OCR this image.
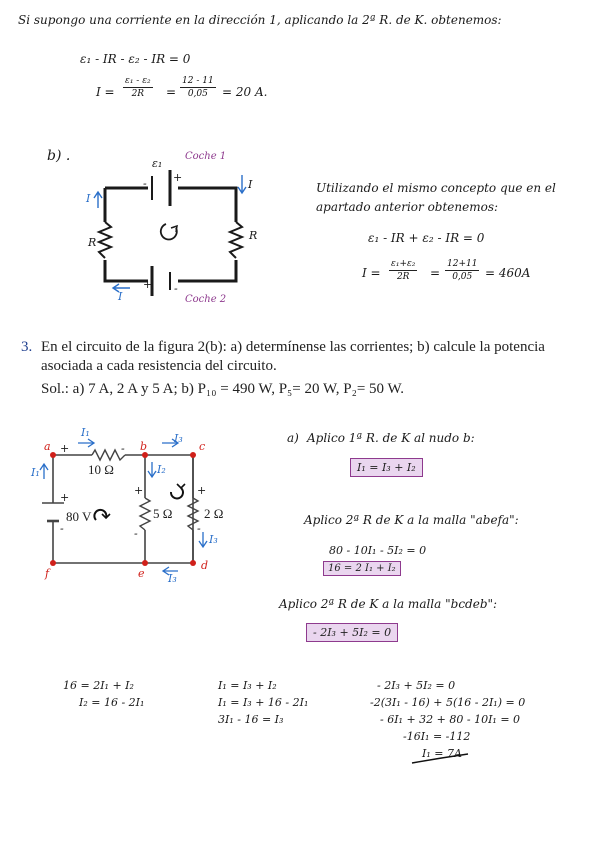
Si supongo una corriente en la dirección 1, aplicando la 2ª R. de K. obtenemos:
ε₁ - IR - ε₂ - IR = 0
$I = \frac{\text{ε₁ - ε₂}}{2R} = \frac{12 - 11}{0,05} = 20$ A.
b) .	Coche 1
ε₁
- +
I
I
R
R
+ -
I	Coche 2
Utilizando el mismo concepto que en el
apartado anterior obtenemos:
ε₁ - IR + ε₂ - IR = 0
$I = \frac{\text{ε₁+ε₂}}{2R} = \frac{12+11}{0,05} = 460A$
3. En el circuito de la figura 2(b): a) determínense las corrientes; b) calcule la potencia
asociada a cada resistencia del circuito.
Sol.: a) 7 A, 2 A y 5 A; b) P₁₀ = 490 W, P₅= 20 W, P₂= 50 W.
a	b	c
d
e
f
10 Ω
5 Ω 2 Ω
80 V
I₁
I₁	I₂
I₃
I₃
I₃
+	-
+
-
+
-
+
-
a) Aplico 1ª R. de K al nudo b:
I₁ = I₃ + I₂
Aplico 2ª R de K a la malla "abefa":
80 - 10I₁ - 5I₂ = 0
16 = 2 I₁ + I₂
Aplico 2ª R de K a la malla "bcdeb":
- 2I₃ + 5I₂ = 0
16 = 2I₁ + I₂
I₂ = 16 - 2I₁
I₁ = I₃ + I₂
I₁ = I₃ + 16 - 2I₁
3I₁ - 16 = I₃
- 2I₃ + 5I₂ = 0
-2(3I₁ - 16) + 5(16 - 2I₁) = 0
- 6I₁ + 32 + 80 - 10I₁ = 0
-16I₁ = -112
I₁ = 7A
